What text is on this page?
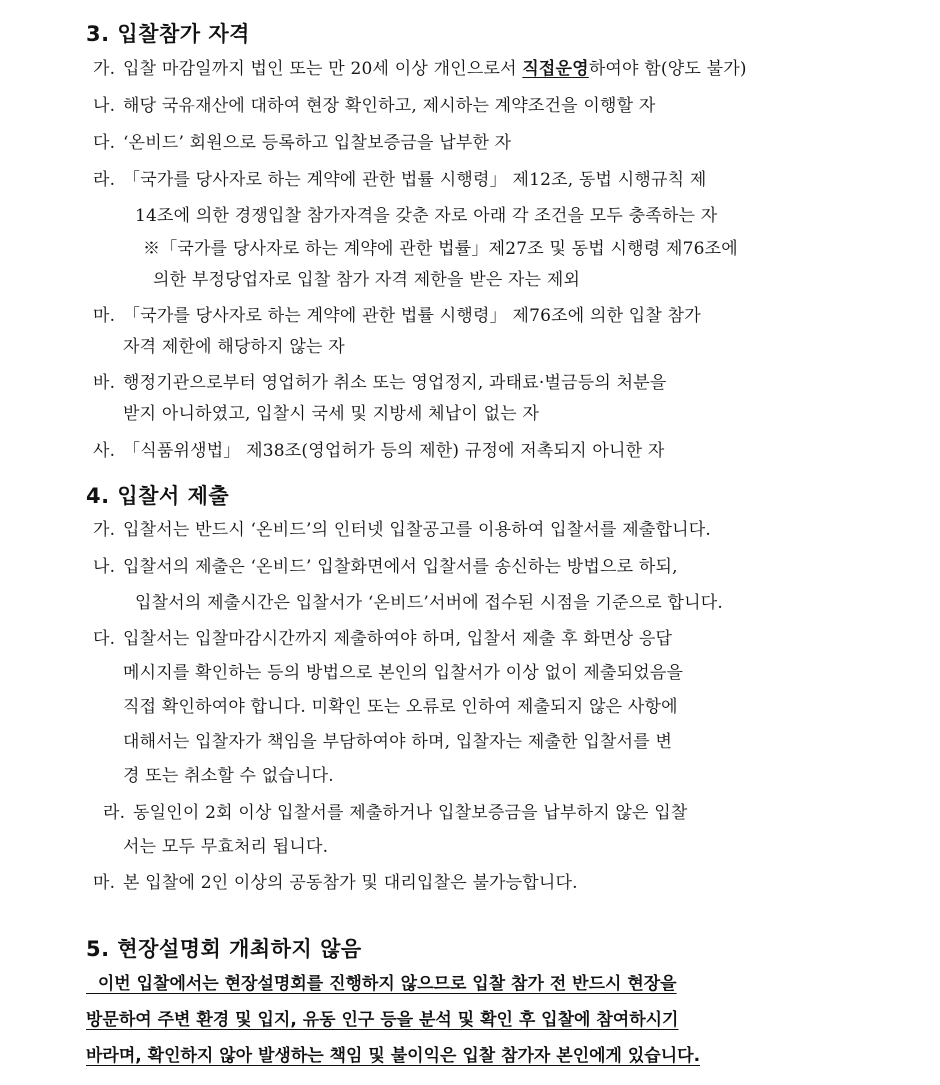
3. 입찰참가 자격
가. 입찰 마감일까지 법인 또는 만 20세 이상 개인으로서 직접운영하여야 함(양도 불가)
나. 해당 국유재산에 대하여 현장 확인하고, 제시하는 계약조건을 이행할 자
다. ‘온비드’ 회원으로 등록하고 입찰보증금을 납부한 자
라. 「국가를 당사자로 하는 계약에 관한 법률 시행령」 제12조, 동법 시행규칙 제
14조에 의한 경쟁입찰 참가자격을 갖춘 자로 아래 각 조건을 모두 충족하는 자
※「국가를 당사자로 하는 계약에 관한 법률」제27조 및 동법 시행령 제76조에
의한 부정당업자로 입찰 참가 자격 제한을 받은 자는 제외
마. 「국가를 당사자로 하는 계약에 관한 법률 시행령」 제76조에 의한 입찰 참가
자격 제한에 해당하지 않는 자
바. 행정기관으로부터 영업허가 취소 또는 영업정지, 과태료·벌금등의 처분을
받지 아니하였고, 입찰시 국세 및 지방세 체납이 없는 자
사. 「식품위생법」 제38조(영업허가 등의 제한) 규정에 저촉되지 아니한 자
4. 입찰서 제출
가. 입찰서는 반드시 ‘온비드’의 인터넷 입찰공고를 이용하여 입찰서를 제출합니다.
나. 입찰서의 제출은 ‘온비드’ 입찰화면에서 입찰서를 송신하는 방법으로 하되,
입찰서의 제출시간은 입찰서가 ‘온비드’서버에 접수된 시점을 기준으로 합니다.
다. 입찰서는 입찰마감시간까지 제출하여야 하며, 입찰서 제출 후 화면상 응답
메시지를 확인하는 등의 방법으로 본인의 입찰서가 이상 없이 제출되었음을
직접 확인하여야 합니다. 미확인 또는 오류로 인하여 제출되지 않은 사항에
대해서는 입찰자가 책임을 부담하여야 하며, 입찰자는 제출한 입찰서를 변
경 또는 취소할 수 없습니다.
라. 동일인이 2회 이상 입찰서를 제출하거나 입찰보증금을 납부하지 않은 입찰
서는 모두 무효처리 됩니다.
마. 본 입찰에 2인 이상의 공동참가 및 대리입찰은 불가능합니다.
5. 현장설명회 개최하지 않음
이번 입찰에서는 현장설명회를 진행하지 않으므로 입찰 참가 전 반드시 현장을
방문하여 주변 환경 및 입지, 유동 인구 등을 분석 및 확인 후 입찰에 참여하시기
바라며, 확인하지 않아 발생하는 책임 및 불이익은 입찰 참가자 본인에게 있습니다.
